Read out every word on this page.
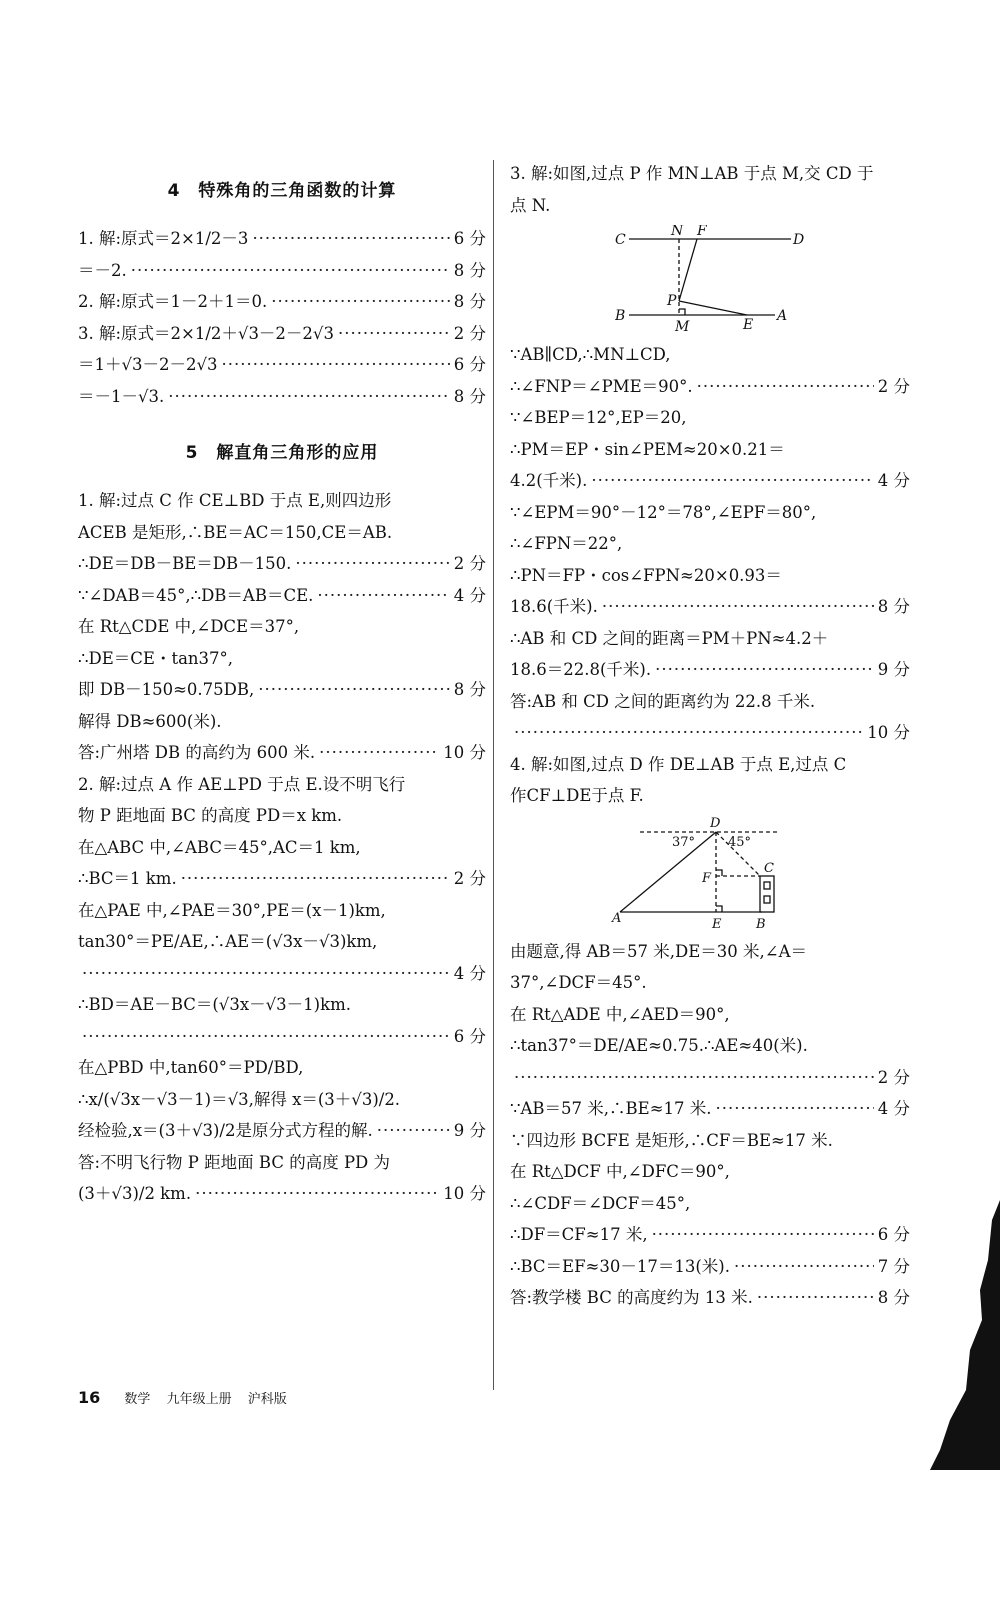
4　特殊角的三角函数的计算
1. 解:原式＝2×1/2－3 ·····	6 分
＝－2. ·····	8 分
2. 解:原式＝1－2＋1＝0. ·····	8 分
3. 解:原式＝2×1/2＋√3－2－2√3 ·····	2 分
＝1＋√3－2－2√3 ·····	6 分
＝－1－√3. ·····	8 分
5　解直角三角形的应用
1. 解:过点 C 作 CE⊥BD 于点 E,则四边形
ACEB 是矩形,∴BE＝AC＝150,CE＝AB.
∴DE＝DB－BE＝DB－150. ·····	2 分
∵∠DAB＝45°,∴DB＝AB＝CE. ·····	4 分
在 Rt△CDE 中,∠DCE＝37°,
∴DE＝CE・tan37°,
即 DB－150≈0.75DB, ·····	8 分
解得 DB≈600(米).
答:广州塔 DB 的高约为 600 米. ·····	10 分
2. 解:过点 A 作 AE⊥PD 于点 E.设不明飞行
物 P 距地面 BC 的高度 PD＝x km.
在△ABC 中,∠ABC＝45°,AC＝1 km,
∴BC＝1 km. ·····	2 分
在△PAE 中,∠PAE＝30°,PE＝(x－1)km,
tan30°＝PE/AE,∴AE＝(√3x－√3)km,
·····
4 分
∴BD＝AE－BC＝(√3x－√3－1)km.
·····
6 分
在△PBD 中,tan60°＝PD/BD,
∴x/(√3x－√3－1)＝√3,解得 x＝(3＋√3)/2.
经检验,x＝(3＋√3)/2是原分式方程的解. ·····	9 分
答:不明飞行物 P 距地面 BC 的高度 PD 为
(3＋√3)/2 km. ·····	10 分
3. 解:如图,过点 P 作 MN⊥AB 于点 M,交 CD 于
点 N.
C
N F
D
P
B
M	E
A
∵AB∥CD,∴MN⊥CD,
∴∠FNP＝∠PME＝90°. ·····	2 分
∵∠BEP＝12°,EP＝20,
∴PM＝EP・sin∠PEM≈20×0.21＝
4.2(千米). ·····	4 分
∵∠EPM＝90°－12°＝78°,∠EPF＝80°,
∴∠FPN＝22°,
∴PN＝FP・cos∠FPN≈20×0.93＝
18.6(千米). ·····	8 分
∴AB 和 CD 之间的距离＝PM＋PN≈4.2＋
18.6＝22.8(千米). ·····	9 分
答:AB 和 CD 之间的距离约为 22.8 千米.
·····
10 分
4. 解:如图,过点 D 作 DE⊥AB 于点 E,过点 C
作CF⊥DE于点 F.
D
37°	45°
C
F
A	E	B
由题意,得 AB＝57 米,DE＝30 米,∠A＝
37°,∠DCF＝45°.
在 Rt△ADE 中,∠AED＝90°,
∴tan37°＝DE/AE≈0.75.∴AE≈40(米).
·····
2 分
∵AB＝57 米,∴BE≈17 米. ·····	4 分
∵四边形 BCFE 是矩形,∴CF＝BE≈17 米.
在 Rt△DCF 中,∠DFC＝90°,
∴∠CDF＝∠DCF＝45°,
∴DF＝CF≈17 米, ·····	6 分
∴BC＝EF≈30－17＝13(米). ·····	7 分
答:教学楼 BC 的高度约为 13 米. ·····	8 分
16 数学 九年级上册 沪科版
